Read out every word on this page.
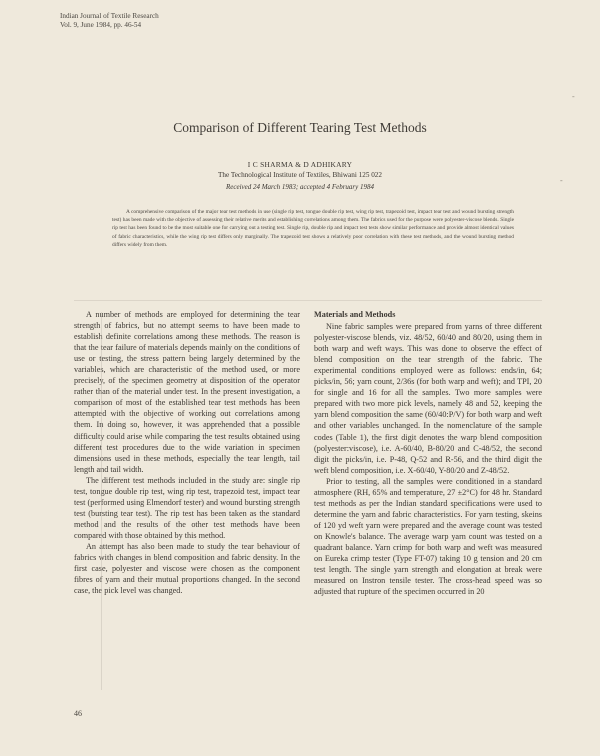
Indian Journal of Textile Research
Vol. 9, June 1984, pp. 46-54
-
-
Comparison of Different Tearing Test Methods
I C SHARMA & D ADHIKARY
The Technological Institute of Textiles, Bhiwani 125 022
Received 24 March 1983; accepted 4 February 1984
A comprehensive comparison of the major tear test methods in use (single rip test, tongue double rip test, wing rip test, trapezoid test, impact tear test and wound bursting strength test) has been made with the objective of assessing their relative merits and establishing correlations among them. The fabrics used for the purpose were polyester-viscose blends. Single rip test has been found to be the most suitable one for carrying out a testing test. Single rip, double rip and impact test tests show similar performance and provide almost identical values of fabric characteristics, while the wing rip test differs only marginally. The trapezoid test shows a relatively poor correlation with these test methods, and the wound bursting method differs widely from them.

A number of methods are employed for determining the tear strength of fabrics, but no attempt seems to have been made to establish definite correlations among these methods. The reason is that the tear failure of materials depends mainly on the conditions of use or testing, the stress pattern being largely determined by the variables, which are characteristic of the method used, or more precisely, of the specimen geometry at disposition of the operator rather than of the material under test. In the present investigation, a comparison of most of the established tear test methods has been attempted with the objective of working out correlations among them. In doing so, however, it was apprehended that a possible difficulty could arise while comparing the test results obtained using different test procedures due to the wide variation in specimen dimensions used in these methods, especially the tear length, tail length and tail width.

The different test methods included in the study are: single rip test, tongue double rip test, wing rip test, trapezoid test, impact tear test (performed using Elmendorf tester) and wound bursting strength test (bursting tear test). The rip test has been taken as the standard method and the results of the other test methods have been compared with those obtained by this method.

An attempt has also been made to study the tear behaviour of fabrics with changes in blend composition and fabric density. In the first case, polyester and viscose were chosen as the component fibres of yarn and their mutual proportions changed. In the second case, the pick level was changed.

Materials and Methods

Nine fabric samples were prepared from yarns of three different polyester-viscose blends, viz. 48/52, 60/40 and 80/20, using them in both warp and weft ways. This was done to observe the effect of blend composition on the tear strength of the fabric. The experimental conditions employed were as follows: ends/in, 64; picks/in, 56; yarn count, 2/36s (for both warp and weft); and TPI, 20 for single and 16 for all the samples. Two more samples were prepared with two more pick levels, namely 48 and 52, keeping the yarn blend composition the same (60/40:P/V) for both warp and weft and other variables unchanged. In the nomenclature of the sample codes (Table 1), the first digit denotes the warp blend composition (polyester:viscose), i.e. A-60/40, B-80/20 and C-48/52, the second digit the picks/in, i.e. P-48, Q-52 and R-56, and the third digit the weft blend composition, i.e. X-60/40, Y-80/20 and Z-48/52.

Prior to testing, all the samples were conditioned in a standard atmosphere (RH, 65% and temperature, 27 ±2°C) for 48 hr. Standard test methods as per the Indian standard specifications were used to determine the yarn and fabric characteristics. For yarn testing, skeins of 120 yd weft yarn were prepared and the average count was tested on Knowle's balance. The average warp yarn count was tested on a quadrant balance. Yarn crimp for both warp and weft was measured on Eureka crimp tester (Type FT-07) taking 10 g tension and 20 cm test length. The single yarn strength and elongation at break were measured on Instron tensile tester. The cross-head speed was so adjusted that rupture of the specimen occurred in 20

46
